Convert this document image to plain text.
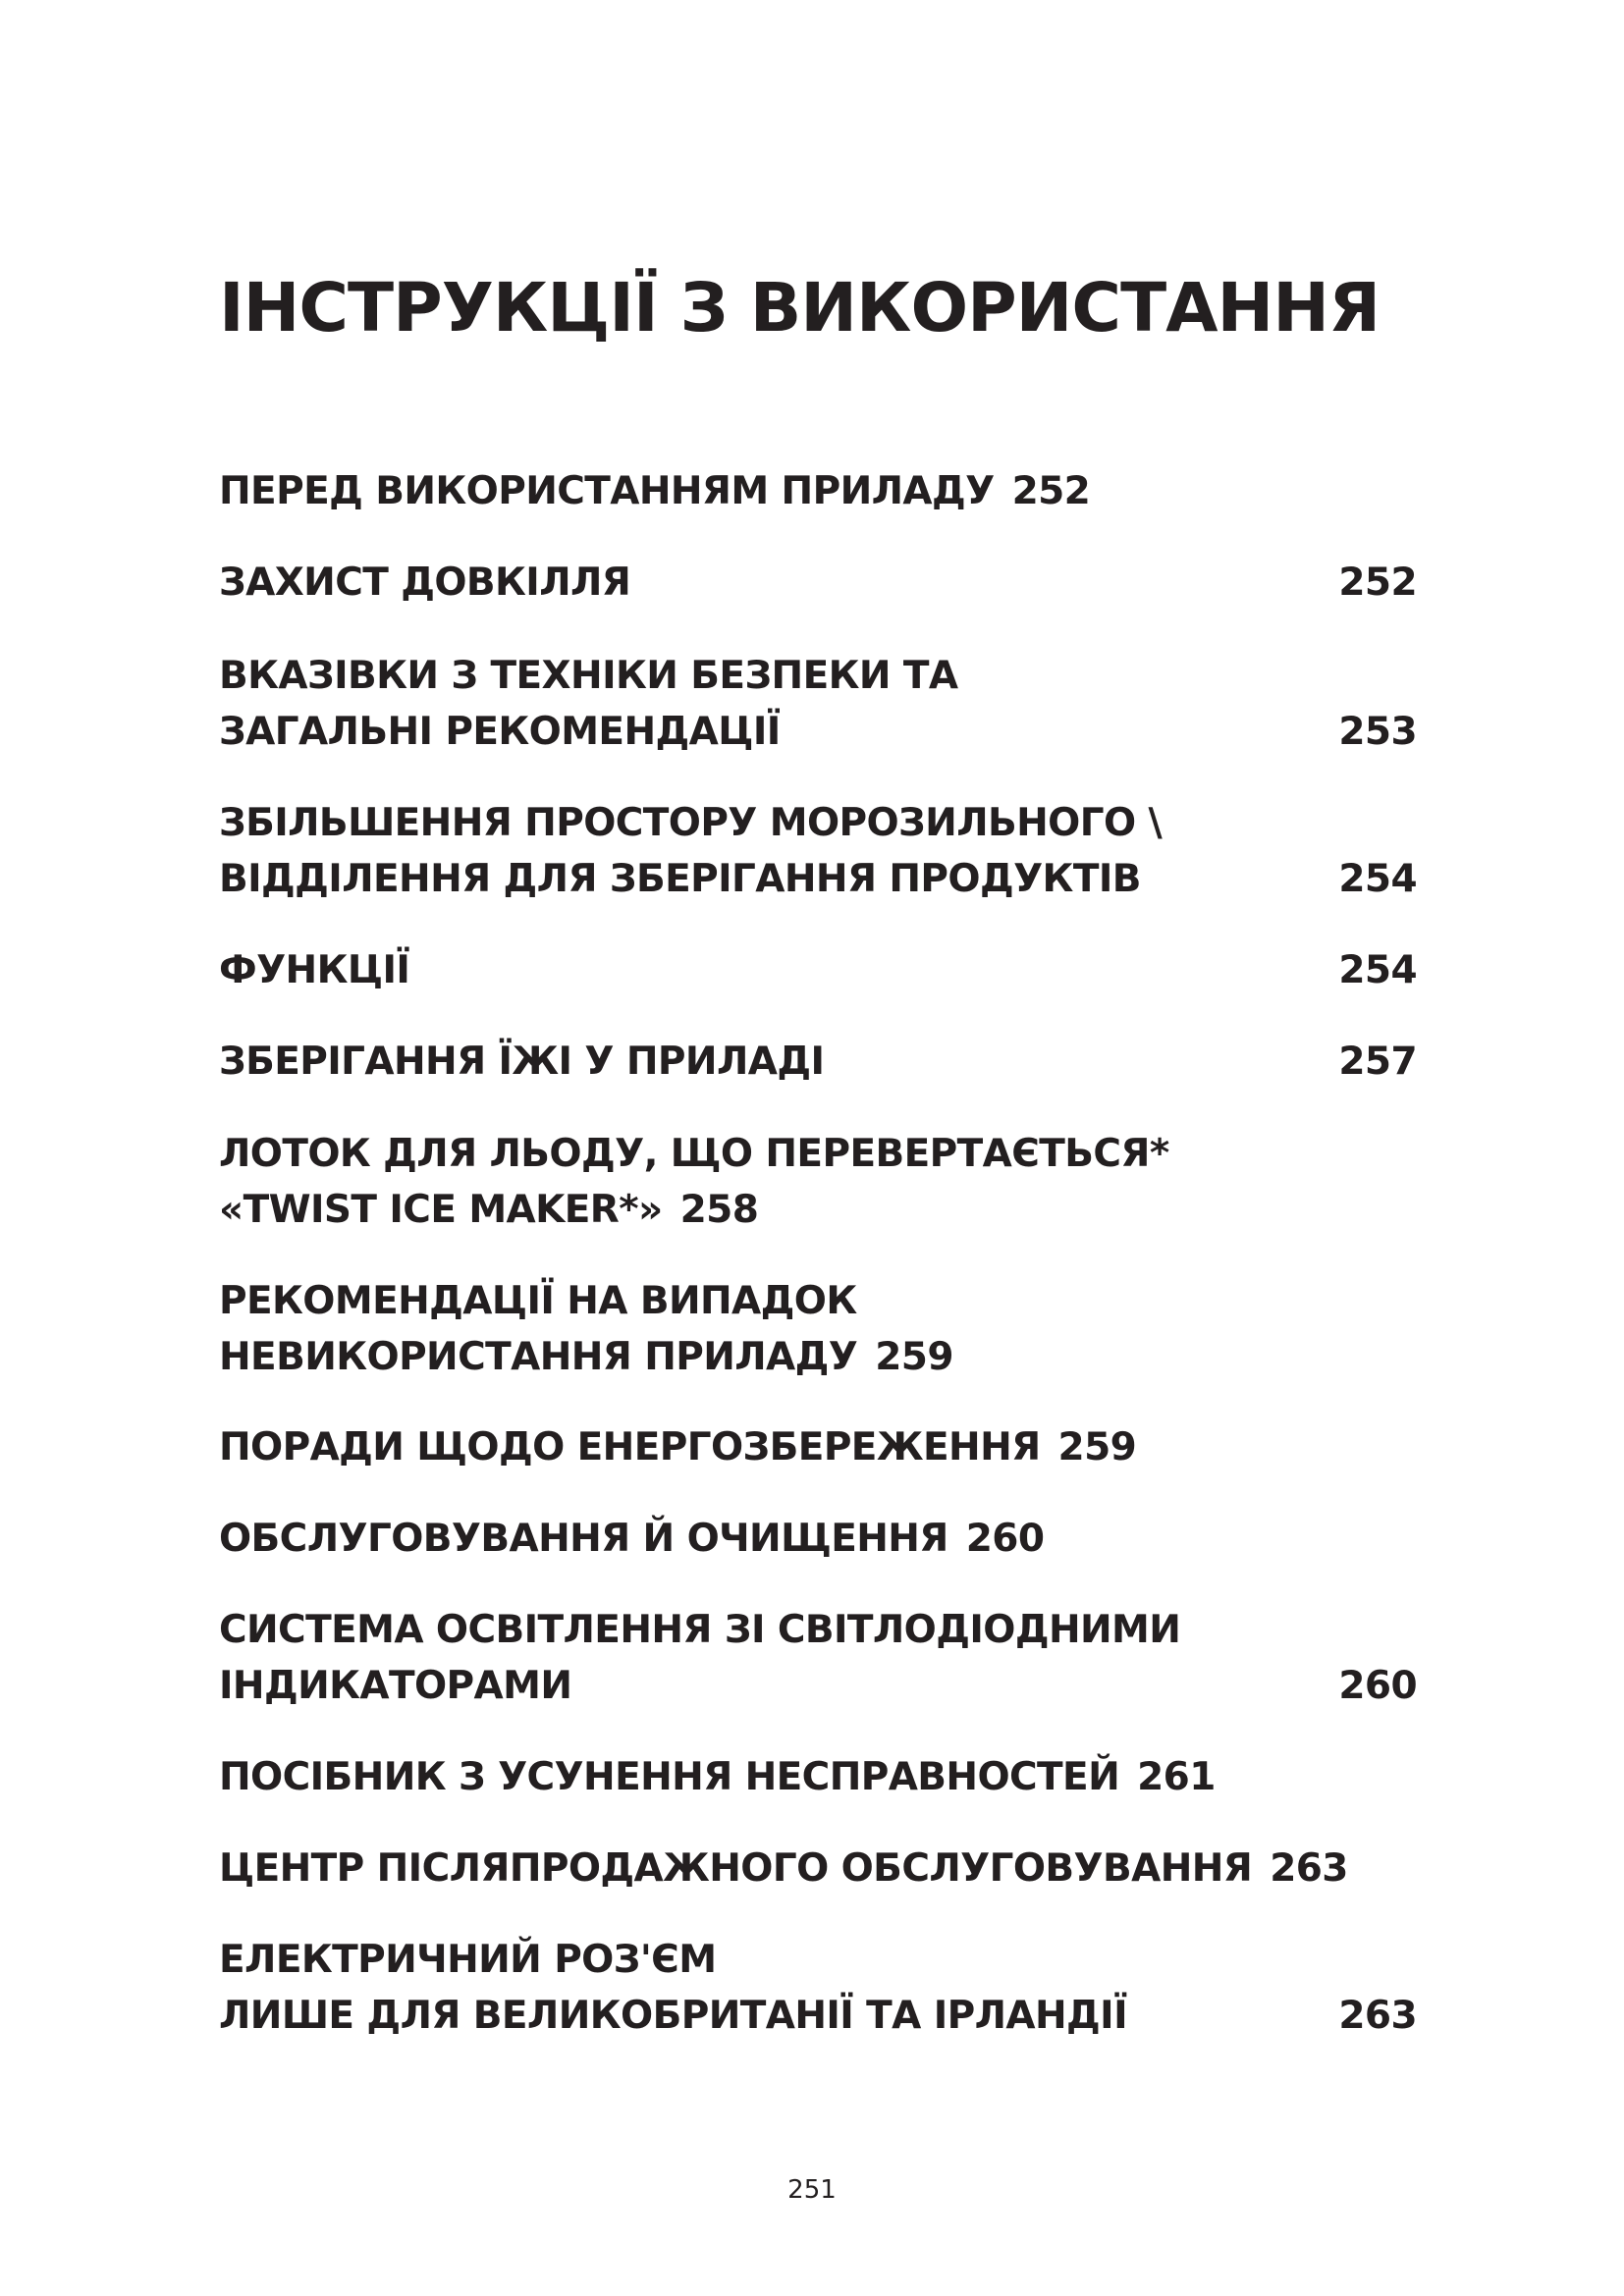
ІНСТРУКЦІЇ З ВИКОРИСТАННЯ
ПЕРЕД ВИКОРИСТАННЯМ ПРИЛАДУ 252
ЗАХИСТ ДОВКІЛЛЯ	252
ВКАЗІВКИ З ТЕХНІКИ БЕЗПЕКИ ТА
ЗАГАЛЬНІ РЕКОМЕНДАЦІЇ	253
ЗБІЛЬШЕННЯ ПРОСТОРУ МОРОЗИЛЬНОГО \
ВІДДІЛЕННЯ ДЛЯ ЗБЕРІГАННЯ ПРОДУКТІВ	254
ФУНКЦІЇ	254
ЗБЕРІГАННЯ ЇЖІ У ПРИЛАДІ	257
ЛОТОК ДЛЯ ЛЬОДУ, ЩО ПЕРЕВЕРТАЄТЬСЯ*
«TWIST ICE MAKER*» 258
РЕКОМЕНДАЦІЇ НА ВИПАДОК
НЕВИКОРИСТАННЯ ПРИЛАДУ 259
ПОРАДИ ЩОДО ЕНЕРГОЗБЕРЕЖЕННЯ 259
ОБСЛУГОВУВАННЯ Й ОЧИЩЕННЯ 260
СИСТЕМА ОСВІТЛЕННЯ ЗІ СВІТЛОДІОДНИМИ
ІНДИКАТОРАМИ	260
ПОСІБНИК З УСУНЕННЯ НЕСПРАВНОСТЕЙ 261
ЦЕНТР ПІСЛЯПРОДАЖНОГО ОБСЛУГОВУВАННЯ 263
ЕЛЕКТРИЧНИЙ РОЗ'ЄМ
ЛИШЕ ДЛЯ ВЕЛИКОБРИТАНІЇ ТА ІРЛАНДІЇ	263
251
